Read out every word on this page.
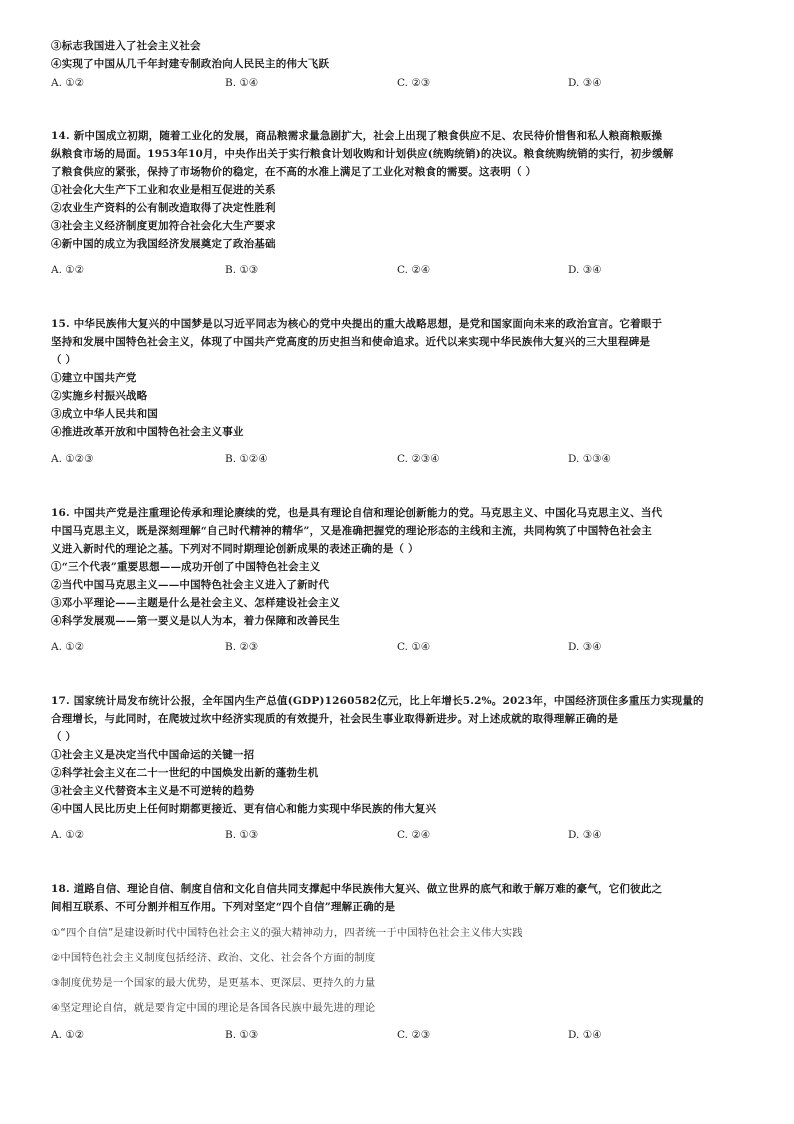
③标志我国进入了社会主义社会
④实现了中国从几千年封建专制政治向人民民主的伟大飞跃
A. ①②	B. ①④	C. ②③	D. ③④
14. 新中国成立初期，随着工业化的发展，商品粮需求量急剧扩大，社会上出现了粮食供应不足、农民待价惜售和私人粮商粮贩操
纵粮食市场的局面。1953年10月，中央作出关于实行粮食计划收购和计划供应(统购统销)的决议。粮食统购统销的实行，初步缓解
了粮食供应的紧张，保持了市场物价的稳定，在不高的水准上满足了工业化对粮食的需要。这表明（ ）
①社会化大生产下工业和农业是相互促进的关系
②农业生产资料的公有制改造取得了决定性胜利
③社会主义经济制度更加符合社会化大生产要求
④新中国的成立为我国经济发展奠定了政治基础
A. ①②	B. ①③	C. ②④	D. ③④
15. 中华民族伟大复兴的中国梦是以习近平同志为核心的党中央提出的重大战略思想，是党和国家面向未来的政治宣言。它着眼于
坚持和发展中国特色社会主义，体现了中国共产党高度的历史担当和使命追求。近代以来实现中华民族伟大复兴的三大里程碑是
（ ）
①建立中国共产党
②实施乡村振兴战略
③成立中华人民共和国
④推进改革开放和中国特色社会主义事业
A. ①②③	B. ①②④	C. ②③④	D. ①③④
16. 中国共产党是注重理论传承和理论赓续的党，也是具有理论自信和理论创新能力的党。马克思主义、中国化马克思主义、当代
中国马克思主义，既是深刻理解“自己时代精神的精华”，又是准确把握党的理论形态的主线和主流，共同构筑了中国特色社会主
义进入新时代的理论之基。下列对不同时期理论创新成果的表述正确的是（ ）
①“三个代表”重要思想——成功开创了中国特色社会主义
②当代中国马克思主义——中国特色社会主义进入了新时代
③邓小平理论——主题是什么是社会主义、怎样建设社会主义
④科学发展观——第一要义是以人为本，着力保障和改善民生
A. ①②	B. ②③	C. ①④	D. ③④
17. 国家统计局发布统计公报，全年国内生产总值(GDP)1260582亿元，比上年增长5.2%。2023年，中国经济顶住多重压力实现量的
合理增长，与此同时，在爬坡过坎中经济实现质的有效提升，社会民生事业取得新进步。对上述成就的取得理解正确的是
（ ）
①社会主义是决定当代中国命运的关键一招
②科学社会主义在二十一世纪的中国焕发出新的蓬勃生机
③社会主义代替资本主义是不可逆转的趋势
④中国人民比历史上任何时期都更接近、更有信心和能力实现中华民族的伟大复兴
A. ①②	B. ①③	C. ②④	D. ③④
18. 道路自信、理论自信、制度自信和文化自信共同支撑起中华民族伟大复兴、做立世界的底气和敢于解万难的豪气，它们彼此之
间相互联系、不可分割并相互作用。下列对坚定“四个自信”理解正确的是
①“四个自信”是建设新时代中国特色社会主义的强大精神动力，四者统一于中国特色社会主义伟大实践
②中国特色社会主义制度包括经济、政治、文化、社会各个方面的制度
③制度优势是一个国家的最大优势，是更基本、更深层、更持久的力量
④坚定理论自信，就是要肯定中国的理论是各国各民族中最先进的理论
A. ①②	B. ①③	C. ②③	D. ①④
